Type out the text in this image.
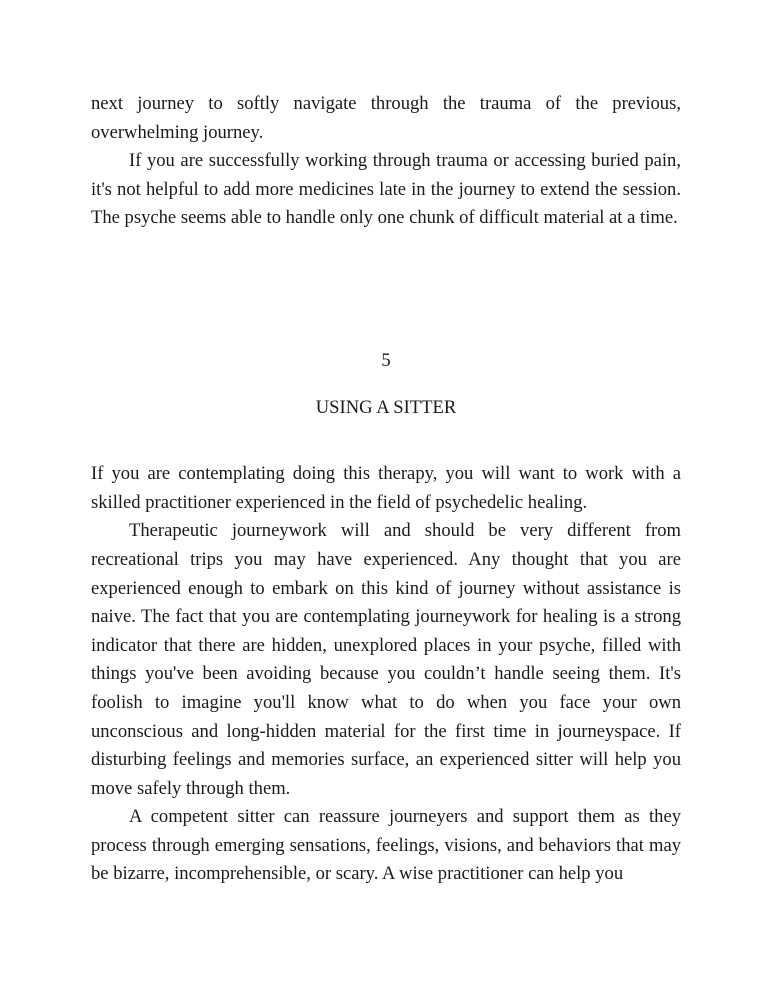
next journey to softly navigate through the trauma of the previous, overwhelming journey.

If you are successfully working through trauma or accessing buried pain, it's not helpful to add more medicines late in the journey to extend the session. The psyche seems able to handle only one chunk of difficult material at a time.

5

USING A SITTER

If you are contemplating doing this therapy, you will want to work with a skilled practitioner experienced in the field of psychedelic healing.

Therapeutic journeywork will and should be very different from recreational trips you may have experienced. Any thought that you are experienced enough to embark on this kind of journey without assistance is naive. The fact that you are contemplating journeywork for healing is a strong indicator that there are hidden, unexplored places in your psyche, filled with things you've been avoiding because you couldn’t handle seeing them. It's foolish to imagine you'll know what to do when you face your own unconscious and long-hidden material for the first time in journeyspace. If disturbing feelings and memories surface, an experienced sitter will help you move safely through them.

A competent sitter can reassure journeyers and support them as they process through emerging sensations, feelings, visions, and behaviors that may be bizarre, incomprehensible, or scary. A wise practitioner can help you
